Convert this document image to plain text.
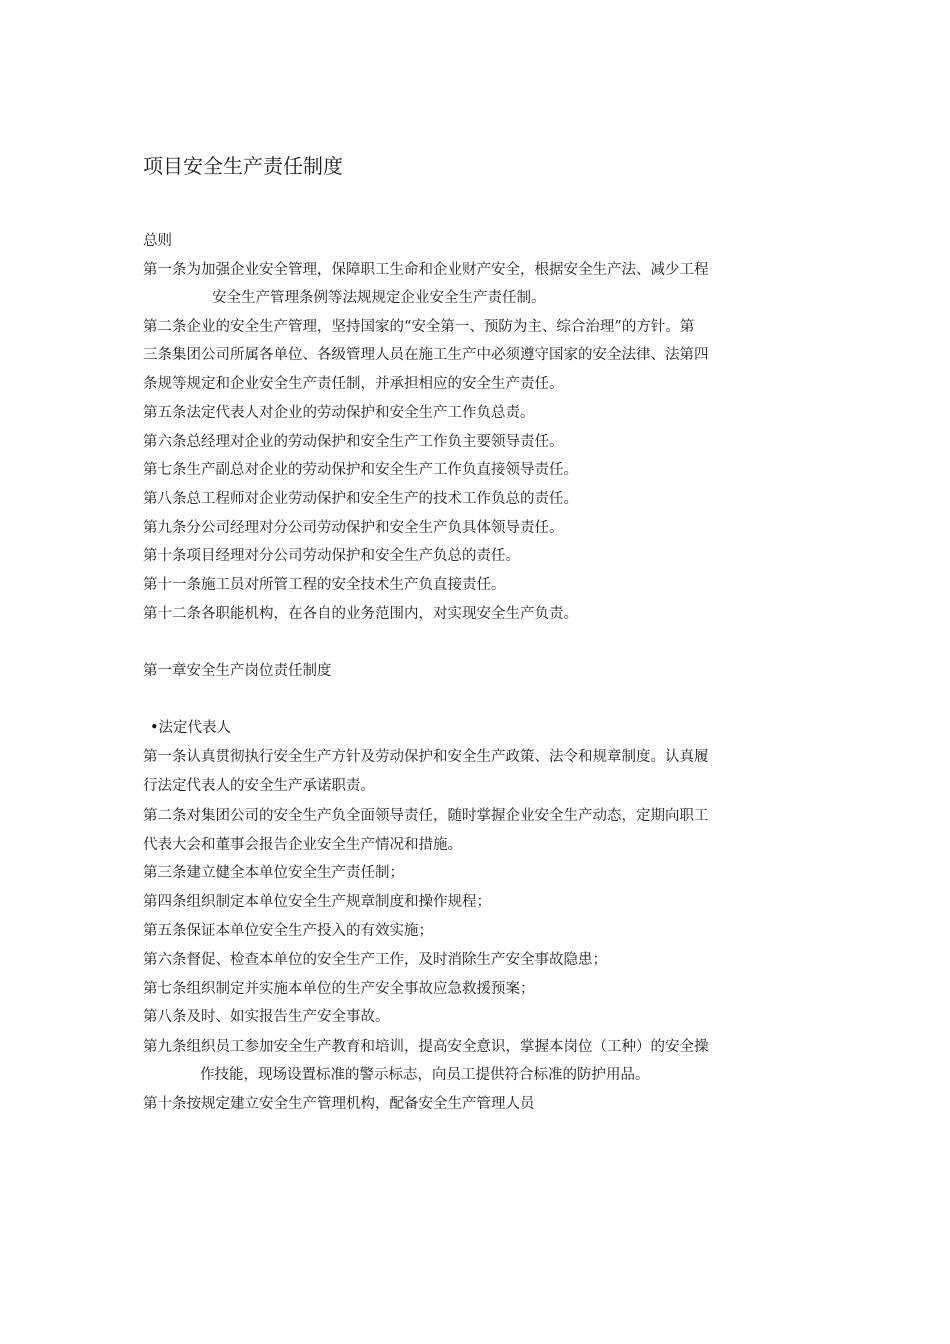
项目安全生产责任制度
总则
第一条为加强企业安全管理，保障职工生命和企业财产安全，根据安全生产法、减少工程
安全生产管理条例等法规规定企业安全生产责任制。
第二条企业的安全生产管理，坚持国家的“安全第一、预防为主、综合治理”的方针。第
三条集团公司所属各单位、各级管理人员在施工生产中必须遵守国家的安全法律、法第四
条规等规定和企业安全生产责任制，并承担相应的安全生产责任。
第五条法定代表人对企业的劳动保护和安全生产工作负总责。
第六条总经理对企业的劳动保护和安全生产工作负主要领导责任。
第七条生产副总对企业的劳动保护和安全生产工作负直接领导责任。
第八条总工程师对企业劳动保护和安全生产的技术工作负总的责任。
第九条分公司经理对分公司劳动保护和安全生产负具体领导责任。
第十条项目经理对分公司劳动保护和安全生产负总的责任。
第十一条施工员对所管工程的安全技术生产负直接责任。
第十二条各职能机构，在各自的业务范围内，对实现安全生产负责。
第一章安全生产岗位责任制度
•法定代表人
第一条认真贯彻执行安全生产方针及劳动保护和安全生产政策、法令和规章制度。认真履
行法定代表人的安全生产承诺职责。
第二条对集团公司的安全生产负全面领导责任，随时掌握企业安全生产动态，定期向职工
代表大会和董事会报告企业安全生产情况和措施。
第三条建立健全本单位安全生产责任制；
第四条组织制定本单位安全生产规章制度和操作规程；
第五条保证本单位安全生产投入的有效实施；
第六条督促、检查本单位的安全生产工作，及时消除生产安全事故隐患；
第七条组织制定并实施本单位的生产安全事故应急救援预案；
第八条及时、如实报告生产安全事故。
第九条组织员工参加安全生产教育和培训，提高安全意识，掌握本岗位（工种）的安全操
作技能，现场设置标准的警示标志，向员工提供符合标准的防护用品。
第十条按规定建立安全生产管理机构，配备安全生产管理人员
